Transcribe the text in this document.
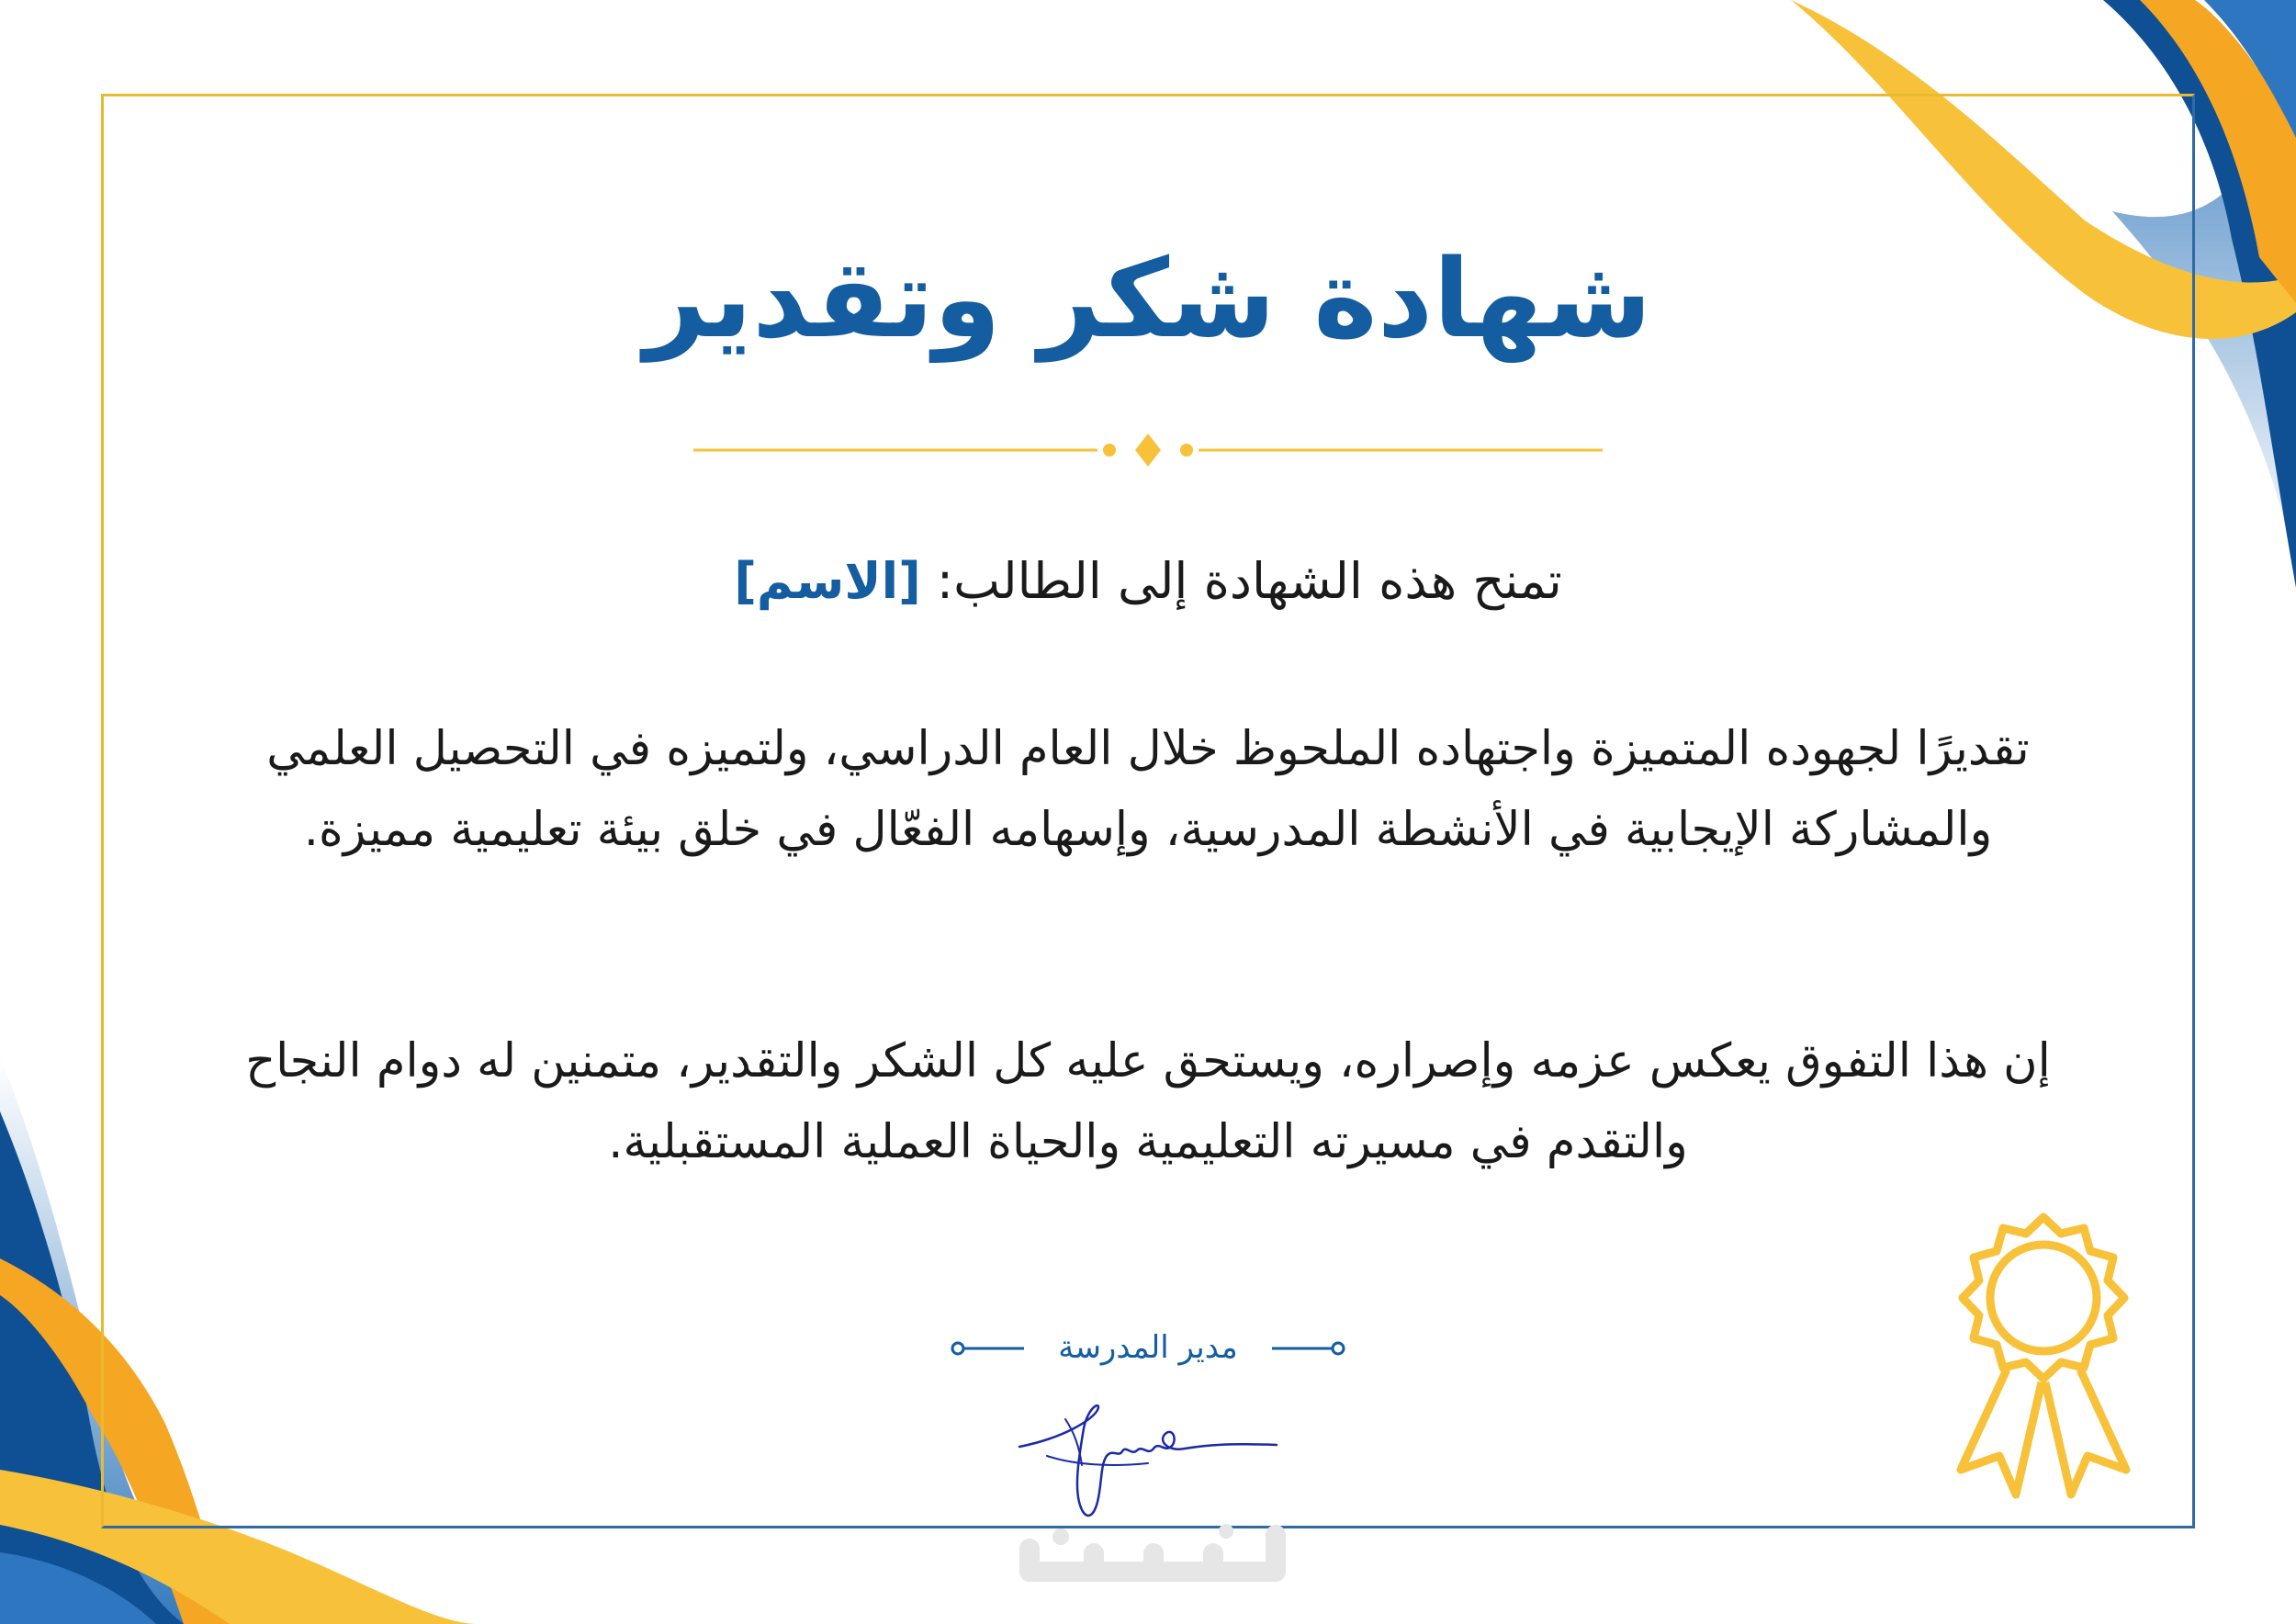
شهادة شكر وتقدير
تمنح هذه الشهادة إلى الطالب: [الاسم]
تقديرًا لجهوده المتميزة واجتهاده الملحوظ خلال العام الدراسي، ولتميزه في التحصيل العلمي والمشاركة الإيجابية في الأنشطة المدرسية، وإسهامه الفعّال في خلق بيئة تعليمية مميزة.
إن هذا التفوق يعكس عزمه وإصراره، ويستحق عليه كل الشكر والتقدير، متمنين له دوام النجاح والتقدم في مسيرته التعليمية والحياة العملية المستقبلية.
مدير المدرسة
